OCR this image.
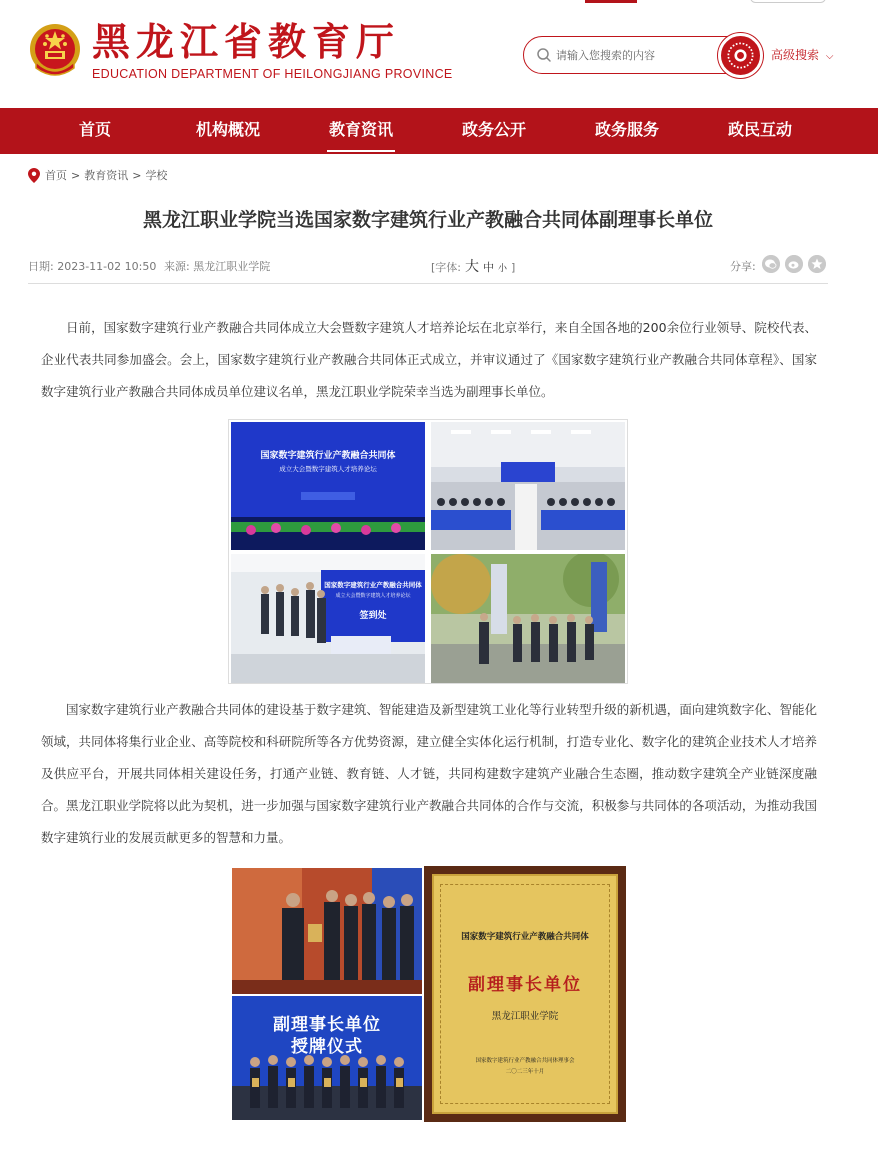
黑龙江省教育厅
EDUCATION DEPARTMENT OF HEILONGJIANG PROVINCE
请输入您搜索的内容
高级搜索 ⌵
首页	机构概况	教育资讯	政务公开	政务服务	政民互动
首页 > 教育资讯 > 学校
黑龙江职业学院当选国家数字建筑行业产教融合共同体副理事长单位
日期: 2023-11-02 10:50 来源: 黑龙江职业学院	[字体: 大 中 小 ]	分享:

日前，国家数字建筑行业产教融合共同体成立大会暨数字建筑人才培养论坛在北京举行，来自全国各地的200余位行业领导、院校代表、企业代表共同参加盛会。会上，国家数字建筑行业产教融合共同体正式成立，并审议通过了《国家数字建筑行业产教融合共同体章程》、国家数字建筑行业产教融合共同体成员单位建议名单，黑龙江职业学院荣幸当选为副理事长单位。

国家数字建筑行业产教融合共同体
成立大会暨数字建筑人才培养论坛
国家数字建筑行业产教融合共同体
成立大会暨数字建筑人才培养论坛
签到处

国家数字建筑行业产教融合共同体的建设基于数字建筑、智能建造及新型建筑工业化等行业转型升级的新机遇，面向建筑数字化、智能化领域，共同体将集行业企业、高等院校和科研院所等各方优势资源，建立健全实体化运行机制，打造专业化、数字化的建筑企业技术人才培养及供应平台，开展共同体相关建设任务，打通产业链、教育链、人才链，共同构建数字建筑产业融合生态圈，推动数字建筑全产业链深度融合。黑龙江职业学院将以此为契机，进一步加强与国家数字建筑行业产教融合共同体的合作与交流，积极参与共同体的各项活动，为推动我国数字建筑行业的发展贡献更多的智慧和力量。

副理事长单位
授牌仪式
国家数字建筑行业产教融合共同体
副理事长单位
黑龙江职业学院
国家数字建筑行业产教融合共同体理事会
二〇二三年十月
